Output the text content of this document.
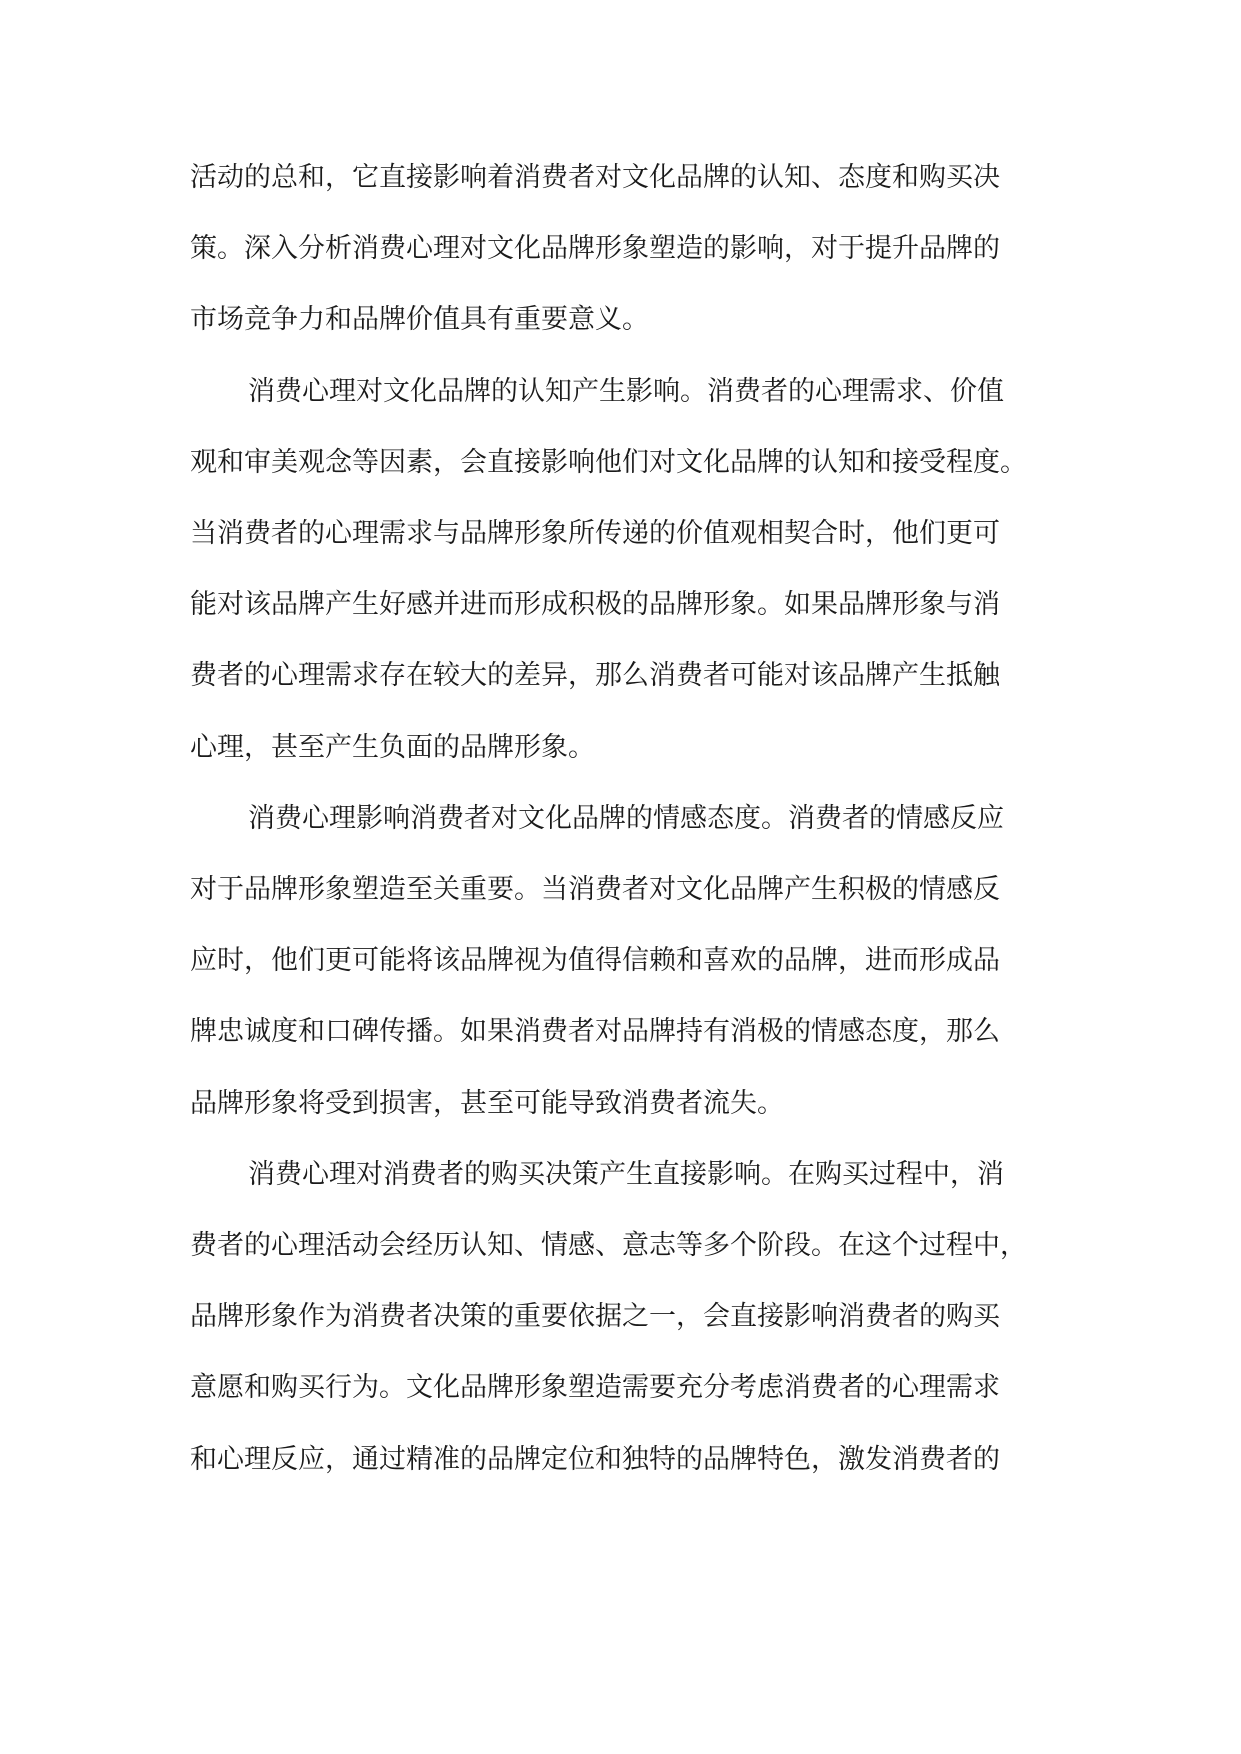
活动的总和，它直接影响着消费者对文化品牌的认知、态度和购买决
策。深入分析消费心理对文化品牌形象塑造的影响，对于提升品牌的
市场竞争力和品牌价值具有重要意义。

消费心理对文化品牌的认知产生影响。消费者的心理需求、价值
观和审美观念等因素，会直接影响他们对文化品牌的认知和接受程度。
当消费者的心理需求与品牌形象所传递的价值观相契合时，他们更可
能对该品牌产生好感并进而形成积极的品牌形象。如果品牌形象与消
费者的心理需求存在较大的差异，那么消费者可能对该品牌产生抵触
心理，甚至产生负面的品牌形象。

消费心理影响消费者对文化品牌的情感态度。消费者的情感反应
对于品牌形象塑造至关重要。当消费者对文化品牌产生积极的情感反
应时，他们更可能将该品牌视为值得信赖和喜欢的品牌，进而形成品
牌忠诚度和口碑传播。如果消费者对品牌持有消极的情感态度，那么
品牌形象将受到损害，甚至可能导致消费者流失。

消费心理对消费者的购买决策产生直接影响。在购买过程中，消
费者的心理活动会经历认知、情感、意志等多个阶段。在这个过程中，
品牌形象作为消费者决策的重要依据之一，会直接影响消费者的购买
意愿和购买行为。文化品牌形象塑造需要充分考虑消费者的心理需求
和心理反应，通过精准的品牌定位和独特的品牌特色，激发消费者的
